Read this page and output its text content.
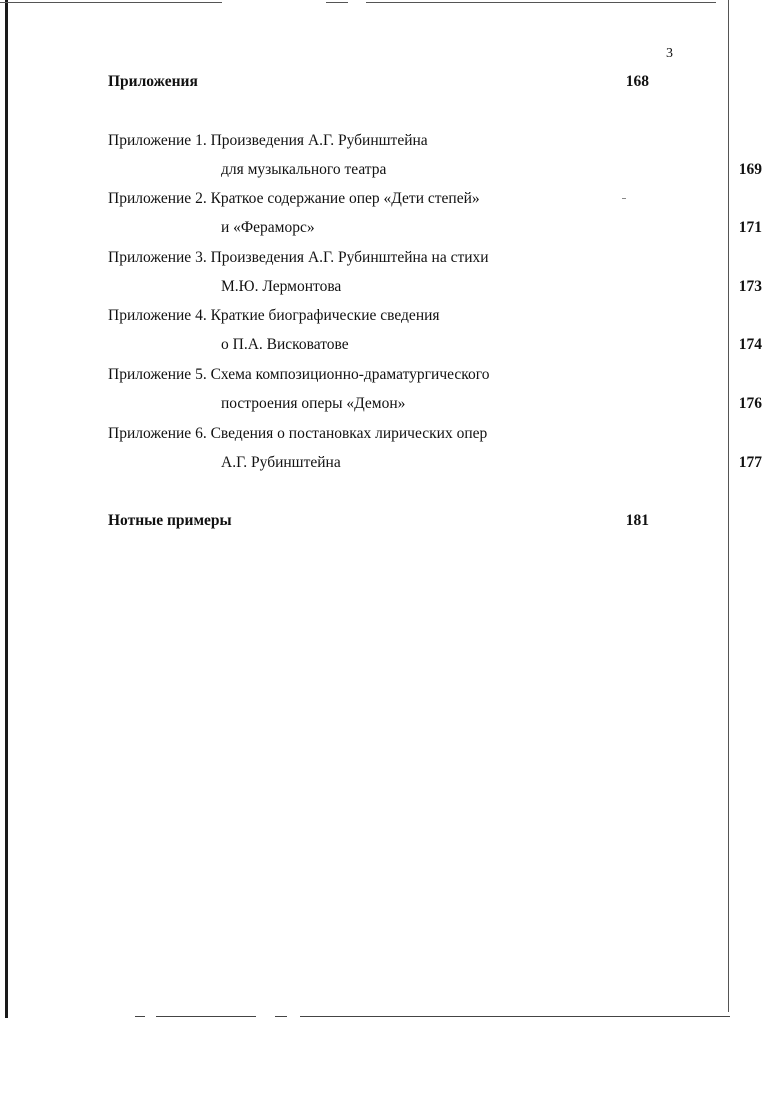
3
Приложения	168
Приложение 1. Произведения А.Г. Рубинштейна
для музыкального театра	169
Приложение 2. Краткое содержание опер «Дети степей»
и «Фераморс»	171
Приложение 3. Произведения А.Г. Рубинштейна на стихи
М.Ю. Лермонтова	173
Приложение 4. Краткие биографические сведения
о П.А. Висковатове	174
Приложение 5. Схема композиционно-драматургического
построения оперы «Демон»	176
Приложение 6. Сведения о постановках лирических опер
А.Г. Рубинштейна	177
Нотные примеры	181
